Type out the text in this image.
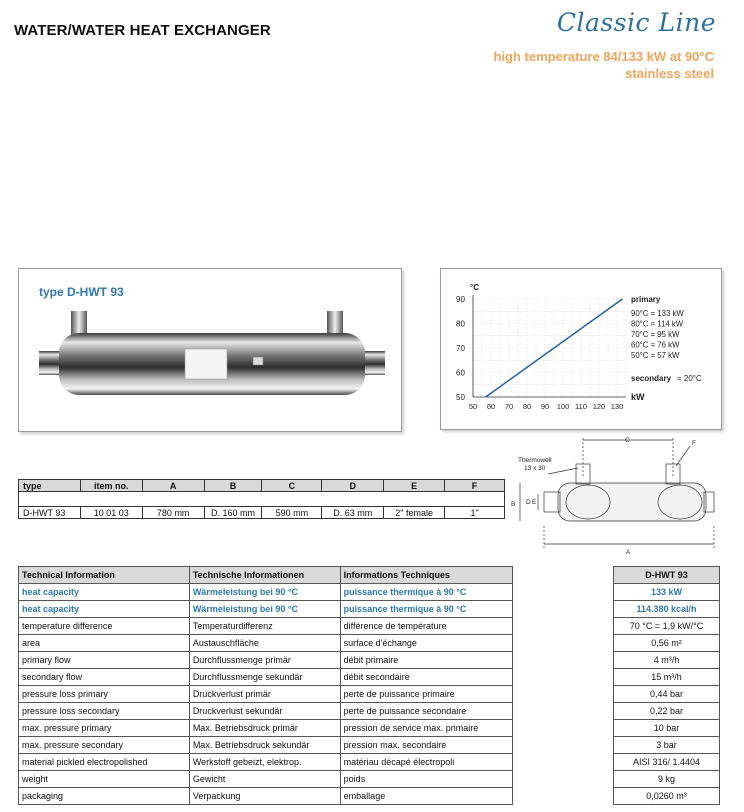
WATER/WATER HEAT EXCHANGER	Classic Line
high temperature 84/133 kW at 90°C
stainless steel
type D-HWT 93
50
60
70
80
90
50 60 70 80 90 100 110 120 130
°C
kW
primary
90°C = 133 kW
80°C = 114 kW
70°C = 95 kW
60°C = 76 kW
50°C = 57 kW
secondary = 20°C
Thermowell
13 x 30
C	F
B D E
A
type	item no.	A	B	C	D	E	F

D-HWT 93	10 01 03	780 mm	D. 160 mm	590 mm	D. 63 mm	2" female	1"
Technical Information	Technische Informationen	Informations Techniques		D-HWT 93
heat capacity	Wärmeleistung bei 90 °C	puissance thermique à 90 °C		133 kW
heat capacity	Wärmeleistung bei 90 °C	puissance thermique à 90 °C		114.380 kcal/h
temperature difference	Temperaturdifferenz	différence de température		70 °C = 1,9 kW/°C
area	Austauschfläche	surface d'échange		0,56 m²
primary flow	Durchflussmenge primär	débit primaire		4 m³/h
secondary flow	Durchflussmenge sekundär	débit secondaire		15 m³/h
pressure loss primary	Druckverlust primär	perte de puissance primaire		0,44 bar
pressure loss secondary	Druckverlust sekundär	perte de puissance secondaire		0,22 bar
max. pressure primary	Max. Betriebsdruck primär	pression de service max. primaire		10 bar
max. pressure secondary	Max. Betriebsdruck sekundär	pression max. secondaire		3 bar
material pickled electropolished	Werkstoff gebeizt, elektrop.	matériau décapé électropoli		AISI 316/ 1.4404
weight	Gewicht	poids		9 kg
packaging	Verpackung	emballage		0,0260 m³
